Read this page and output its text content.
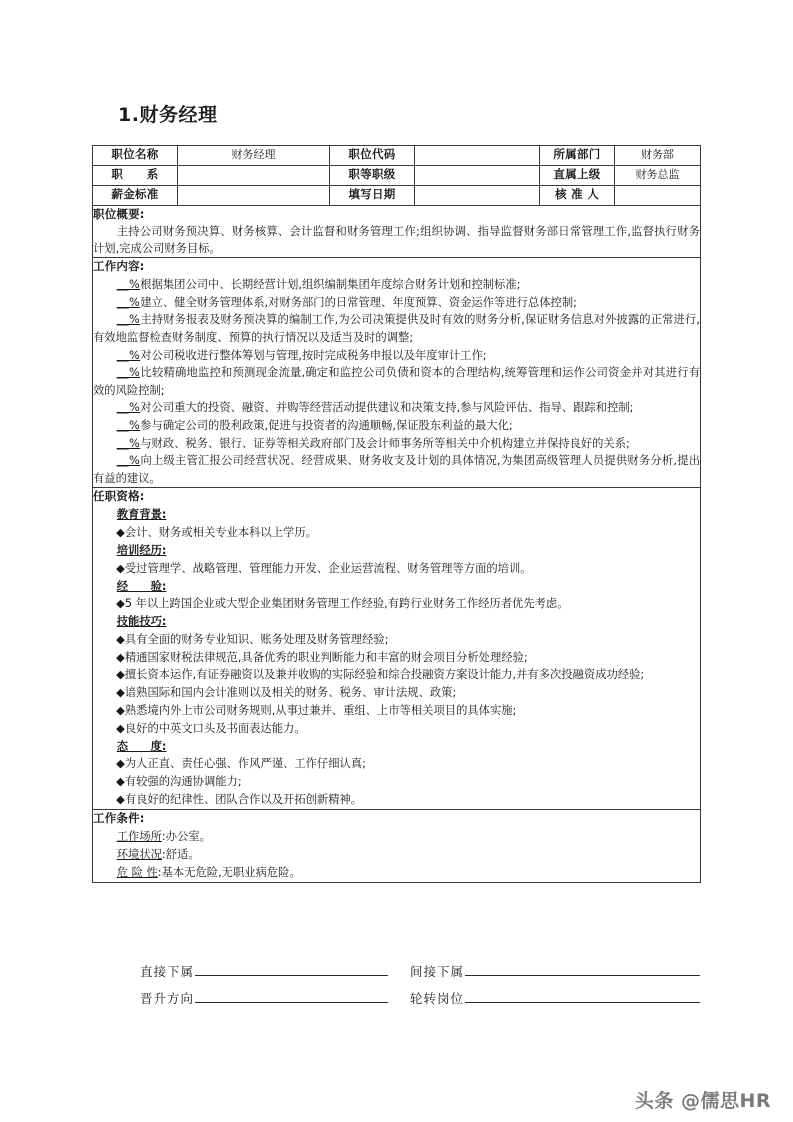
1.财务经理
职位名称	财务经理	职位代码		所属部门	财务部
职　　系		职等职级		直属上级	财务总监
薪金标准		填写日期		核 准 人	

职位概要:

主持公司财务预决算、财务核算、会计监督和财务管理工作;组织协调、指导监督财务部日常管理工作,监督执行财务计划,完成公司财务目标。					

工作内容:

__%根据集团公司中、长期经营计划,组织编制集团年度综合财务计划和控制标准;

__%建立、健全财务管理体系,对财务部门的日常管理、年度预算、资金运作等进行总体控制;

__%主持财务报表及财务预决算的编制工作,为公司决策提供及时有效的财务分析,保证财务信息对外披露的正常进行,有效地监督检查财务制度、预算的执行情况以及适当及时的调整;

__%对公司税收进行整体筹划与管理,按时完成税务申报以及年度审计工作;

__%比较精确地监控和预测现金流量,确定和监控公司负债和资本的合理结构,统筹管理和运作公司资金并对其进行有效的风险控制;

__%对公司重大的投资、融资、并购等经营活动提供建议和决策支持,参与风险评估、指导、跟踪和控制;

__%参与确定公司的股利政策,促进与投资者的沟通顺畅,保证股东利益的最大化;

__%与财政、税务、银行、证券等相关政府部门及会计师事务所等相关中介机构建立并保持良好的关系;

__%向上级主管汇报公司经营状况、经营成果、财务收支及计划的具体情况,为集团高级管理人员提供财务分析,提出有益的建议。

任职资格:

教育背景:

◆会计、财务或相关专业本科以上学历。

培训经历:

◆受过管理学、战略管理、管理能力开发、企业运营流程、财务管理等方面的培训。

经　　验:

◆5 年以上跨国企业或大型企业集团财务管理工作经验,有跨行业财务工作经历者优先考虑。

技能技巧:

◆具有全面的财务专业知识、账务处理及财务管理经验;

◆精通国家财税法律规范,具备优秀的职业判断能力和丰富的财会项目分析处理经验;

◆擅长资本运作,有证券融资以及兼并收购的实际经验和综合投融资方案设计能力,并有多次投融资成功经验;

◆谙熟国际和国内会计准则以及相关的财务、税务、审计法规、政策;

◆熟悉境内外上市公司财务规则,从事过兼并、重组、上市等相关项目的具体实施;

◆良好的中英文口头及书面表达能力。

态　　度:

◆为人正直、责任心强、作风严谨、工作仔细认真;

◆有较强的沟通协调能力;

◆有良好的纪律性、团队合作以及开拓创新精神。

工作条件:

工作场所:办公室。

环境状况:舒适。

危 险 性:基本无危险,无职业病危险。					

直接下属	间接下属
晋升方向	轮转岗位
头条 @儒思HR
